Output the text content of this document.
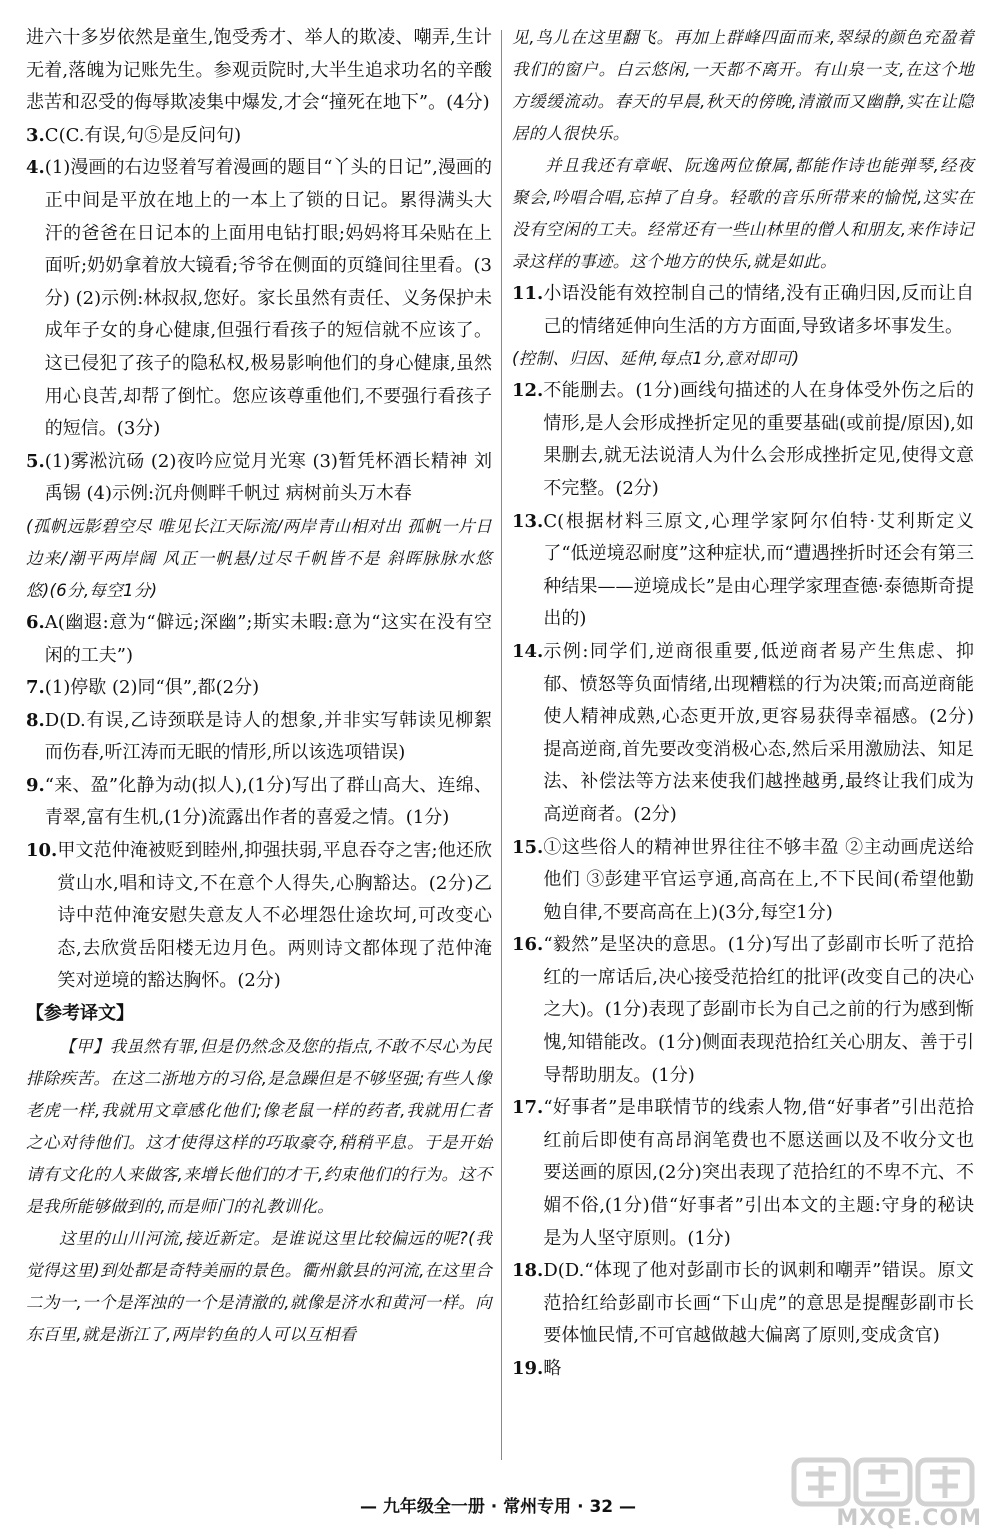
进六十多岁依然是童生,饱受秀才、举人的欺凌、嘲弄,生计无着,落魄为记账先生。参观贡院时,大半生追求功名的辛酸悲苦和忍受的侮辱欺凌集中爆发,才会“撞死在地下”。(4分)

3. C(C.有误,句⑤是反问句)

4. (1)漫画的右边竖着写着漫画的题目“丫头的日记”,漫画的正中间是平放在地上的一本上了锁的日记。累得满头大汗的爸爸在日记本的上面用电钻打眼;妈妈将耳朵贴在上面听;奶奶拿着放大镜看;爷爷在侧面的页缝间往里看。(3分) (2)示例:林叔叔,您好。家长虽然有责任、义务保护未成年子女的身心健康,但强行看孩子的短信就不应该了。这已侵犯了孩子的隐私权,极易影响他们的身心健康,虽然用心良苦,却帮了倒忙。您应该尊重他们,不要强行看孩子的短信。(3分)

5. (1)雾淞沆砀 (2)夜吟应觉月光寒 (3)暂凭杯酒长精神 刘禹锡 (4)示例:沉舟侧畔千帆过 病树前头万木春

(孤帆远影碧空尽 唯见长江天际流/两岸青山相对出 孤帆一片日边来/潮平两岸阔 风正一帆悬/过尽千帆皆不是 斜晖脉脉水悠悠)(6分,每空1分)

6. A(幽遐:意为“僻远;深幽”;斯实未暇:意为“这实在没有空闲的工夫”)

7. (1)停歇 (2)同“俱”,都(2分)

8. D(D.有误,乙诗颈联是诗人的想象,并非实写韩读见柳絮而伤春,听江涛而无眠的情形,所以该选项错误)

9. “来、盈”化静为动(拟人),(1分)写出了群山高大、连绵、青翠,富有生机,(1分)流露出作者的喜爱之情。(1分)

10. 甲文范仲淹被贬到睦州,抑强扶弱,平息吞夺之害;他还欣赏山水,唱和诗文,不在意个人得失,心胸豁达。(2分)乙诗中范仲淹安慰失意友人不必埋怨仕途坎坷,可改变心态,去欣赏岳阳楼无边月色。两则诗文都体现了范仲淹笑对逆境的豁达胸怀。(2分)

【参考译文】

【甲】我虽然有罪,但是仍然念及您的指点,不敢不尽心为民排除疾苦。在这二浙地方的习俗,是急躁但是不够坚强;有些人像老虎一样,我就用文章感化他们;像老鼠一样的药者,我就用仁者之心对待他们。这才使得这样的巧取豪夺,稍稍平息。于是开始请有文化的人来做客,来增长他们的才干,约束他们的行为。这不是我所能够做到的,而是师门的礼教训化。

这里的山川河流,接近新定。是谁说这里比较偏远的呢?(我觉得这里)到处都是奇特美丽的景色。衢州歙县的河流,在这里合二为一,一个是浑浊的一个是清澈的,就像是济水和黄河一样。向东百里,就是浙江了,两岸钓鱼的人可以互相看

见,鸟儿在这里翻飞。再加上群峰四面而来,翠绿的颜色充盈着我们的窗户。白云悠闲,一天都不离开。有山泉一支,在这个地方缓缓流动。春天的早晨,秋天的傍晚,清澈而又幽静,实在让隐居的人很快乐。

并且我还有章岷、阮逸两位僚属,都能作诗也能弹琴,经夜聚会,吟唱合唱,忘掉了自身。轻歌的音乐所带来的愉悦,这实在没有空闲的工夫。经常还有一些山林里的僧人和朋友,来作诗记录这样的事迹。这个地方的快乐,就是如此。

11. 小语没能有效控制自己的情绪,没有正确归因,反而让自己的情绪延伸向生活的方方面面,导致诸多坏事发生。

(控制、归因、延伸,每点1分,意对即可)

12. 不能删去。(1分)画线句描述的人在身体受外伤之后的情形,是人会形成挫折定见的重要基础(或前提/原因),如果删去,就无法说清人为什么会形成挫折定见,使得文意不完整。(2分)

13. C(根据材料三原文,心理学家阿尔伯特·艾利斯定义了“低逆境忍耐度”这种症状,而“遭遇挫折时还会有第三种结果——逆境成长”是由心理学家理查德·泰德斯奇提出的)

14. 示例:同学们,逆商很重要,低逆商者易产生焦虑、抑郁、愤怒等负面情绪,出现糟糕的行为决策;而高逆商能使人精神成熟,心态更开放,更容易获得幸福感。(2分)提高逆商,首先要改变消极心态,然后采用激励法、知足法、补偿法等方法来使我们越挫越勇,最终让我们成为高逆商者。(2分)

15. ①这些俗人的精神世界往往不够丰盈 ②主动画虎送给他们 ③彭建平官运亨通,高高在上,不下民间(希望他勤勉自律,不要高高在上)(3分,每空1分)

16. “毅然”是坚决的意思。(1分)写出了彭副市长听了范拾红的一席话后,决心接受范拾红的批评(改变自己的决心之大)。(1分)表现了彭副市长为自己之前的行为感到惭愧,知错能改。(1分)侧面表现范拾红关心朋友、善于引导帮助朋友。(1分)

17. “好事者”是串联情节的线索人物,借“好事者”引出范拾红前后即使有高昂润笔费也不愿送画以及不收分文也要送画的原因,(2分)突出表现了范拾红的不卑不亢、不媚不俗,(1分)借“好事者”引出本文的主题:守身的秘诀是为人坚守原则。(1分)

18. D(D.“体现了他对彭副市长的讽刺和嘲弄”错误。原文范拾红给彭副市长画“下山虎”的意思是提醒彭副市长要体恤民情,不可官越做越大偏离了原则,变成贪官)

19. 略

— 九年级全一册 · 常州专用 · 32 —	MXQE.COM
